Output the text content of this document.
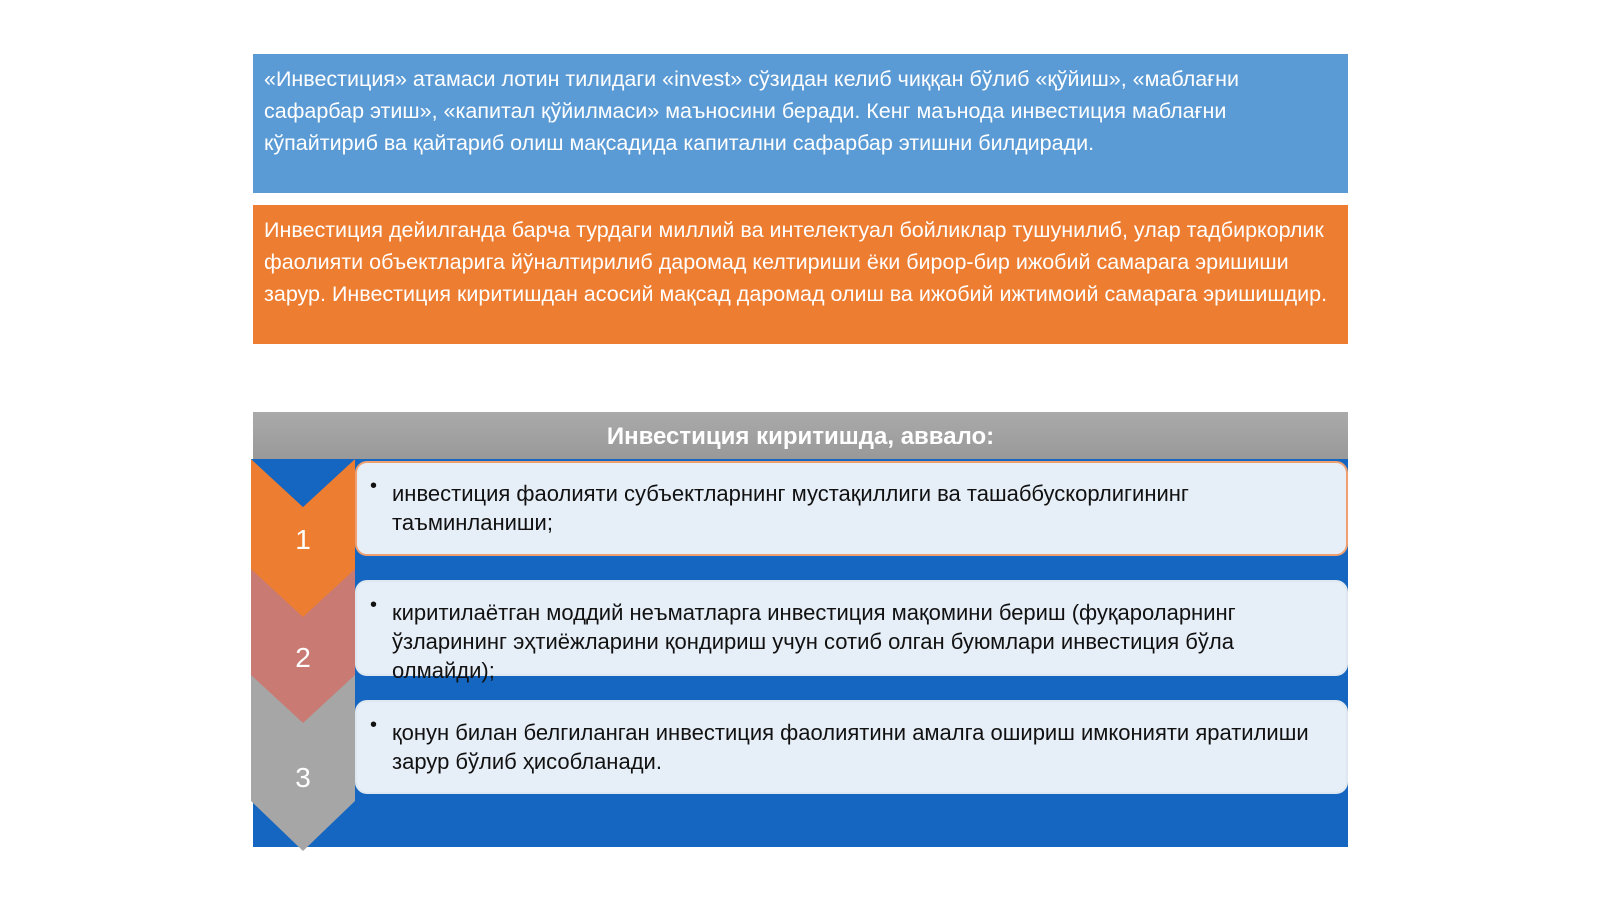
«Инвестиция» атамаси лотин тилидаги «invest» сўзидан келиб чиққан бўлиб «қўйиш», «маблағни сафарбар этиш», «капитал қўйилмаси» маъносини беради. Кенг маънода инвестиция маблағни кўпайтириб ва қайтариб олиш мақсадида капитални сафарбар этишни билдиради.
Инвестиция дейилганда барча турдаги миллий ва интелектуал бойликлар тушунилиб, улар тадбиркорлик фаолияти объектларига йўналтирилиб даромад келтириши ёки бирор-бир ижобий самарага эришиши зарур. Инвестиция киритишдан асосий мақсад даромад олиш ва ижобий ижтимоий самарага эришишдир.
Инвестиция киритишда, аввало:
1
2
3
• инвестиция фаолияти субъектларнинг мустақиллиги ва ташаббускорлигининг таъминланиши;
• киритилаётган моддий неъматларга инвестиция мақомини бериш (фуқароларнинг ўзларининг эҳтиёжларини қондириш учун сотиб олган буюмлари инвестиция бўла олмайди);
• қонун билан белгиланган инвестиция фаолиятини амалга ошириш имконияти яратилиши зарур бўлиб ҳисобланади.
